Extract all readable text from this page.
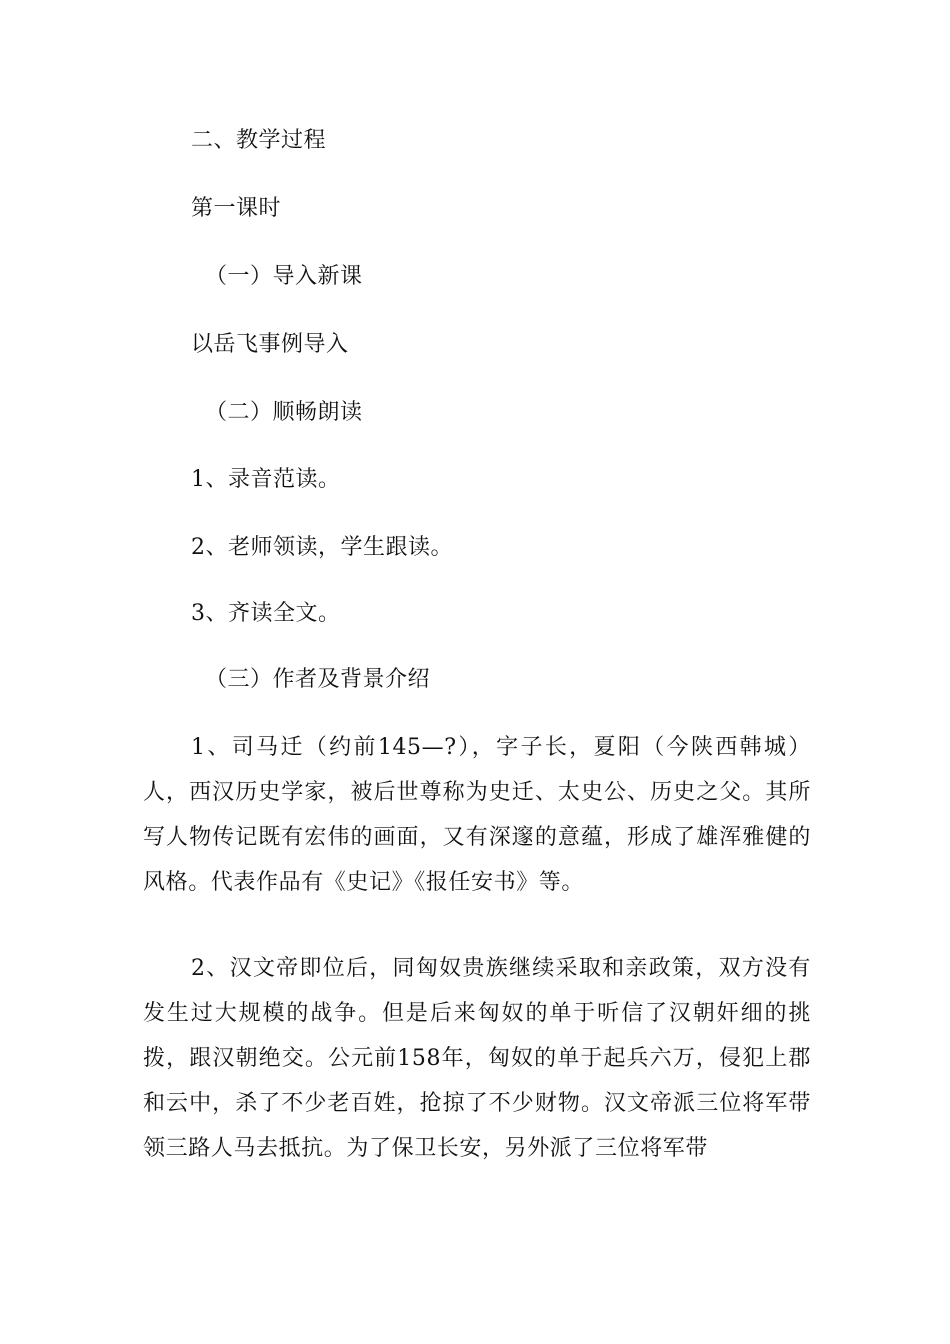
二、教学过程
第一课时
（一）导入新课
以岳飞事例导入
（二）顺畅朗读
1、录音范读。
2、老师领读，学生跟读。
3、齐读全文。
（三）作者及背景介绍
1、司马迁（约前145—?），字子长，夏阳（今陕西韩城）人，西汉历史学家，被后世尊称为史迁、太史公、历史之父。其所写人物传记既有宏伟的画面，又有深邃的意蕴，形成了雄浑雅健的风格。代表作品有《史记》《报任安书》等。
2、汉文帝即位后，同匈奴贵族继续采取和亲政策，双方没有发生过大规模的战争。但是后来匈奴的单于听信了汉朝奸细的挑拨，跟汉朝绝交。公元前158年，匈奴的单于起兵六万，侵犯上郡和云中，杀了不少老百姓，抢掠了不少财物。汉文帝派三位将军带领三路人马去抵抗。为了保卫长安，另外派了三位将军带
